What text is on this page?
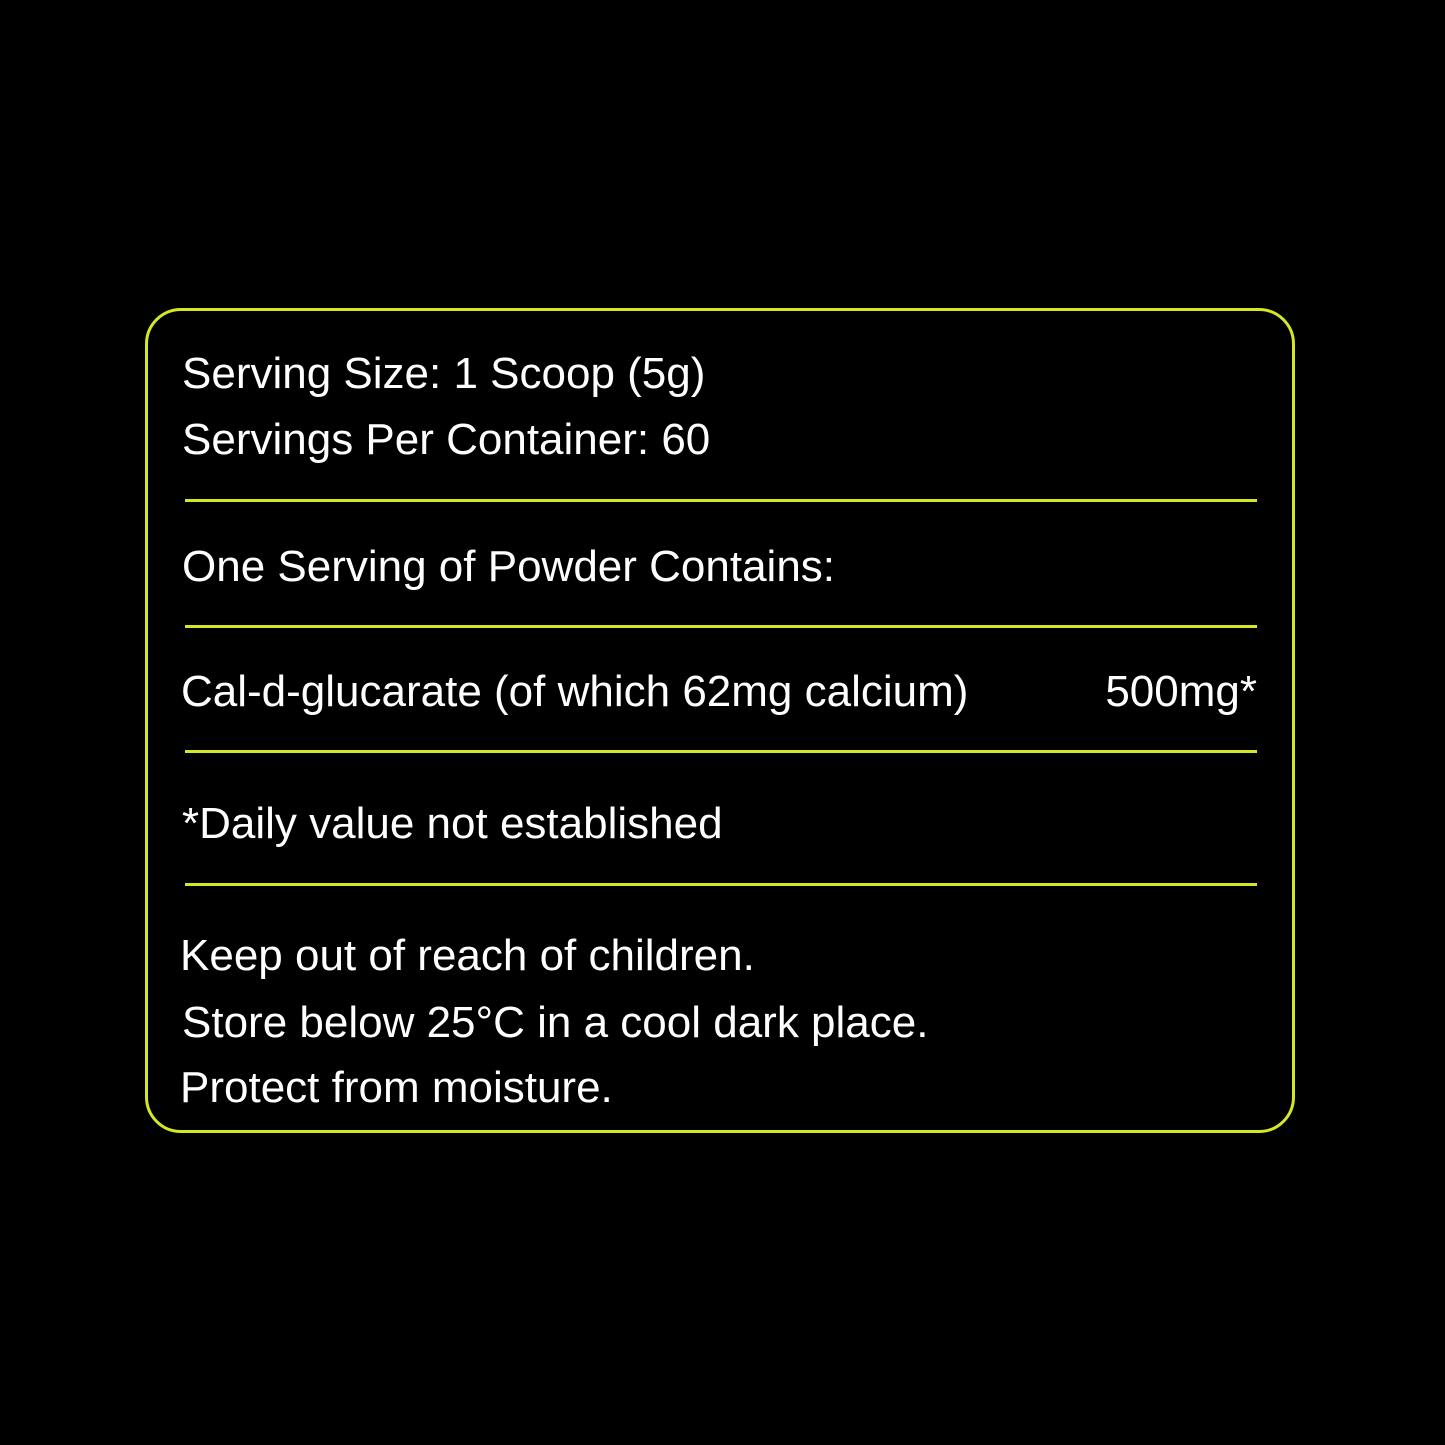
Serving Size: 1 Scoop (5g)

Servings Per Container: 60

One Serving of Powder Contains:

Cal-d-glucarate (of which 62mg calcium)	500mg*

*Daily value not established

Keep out of reach of children.

Store below 25°C in a cool dark place.

Protect from moisture.
